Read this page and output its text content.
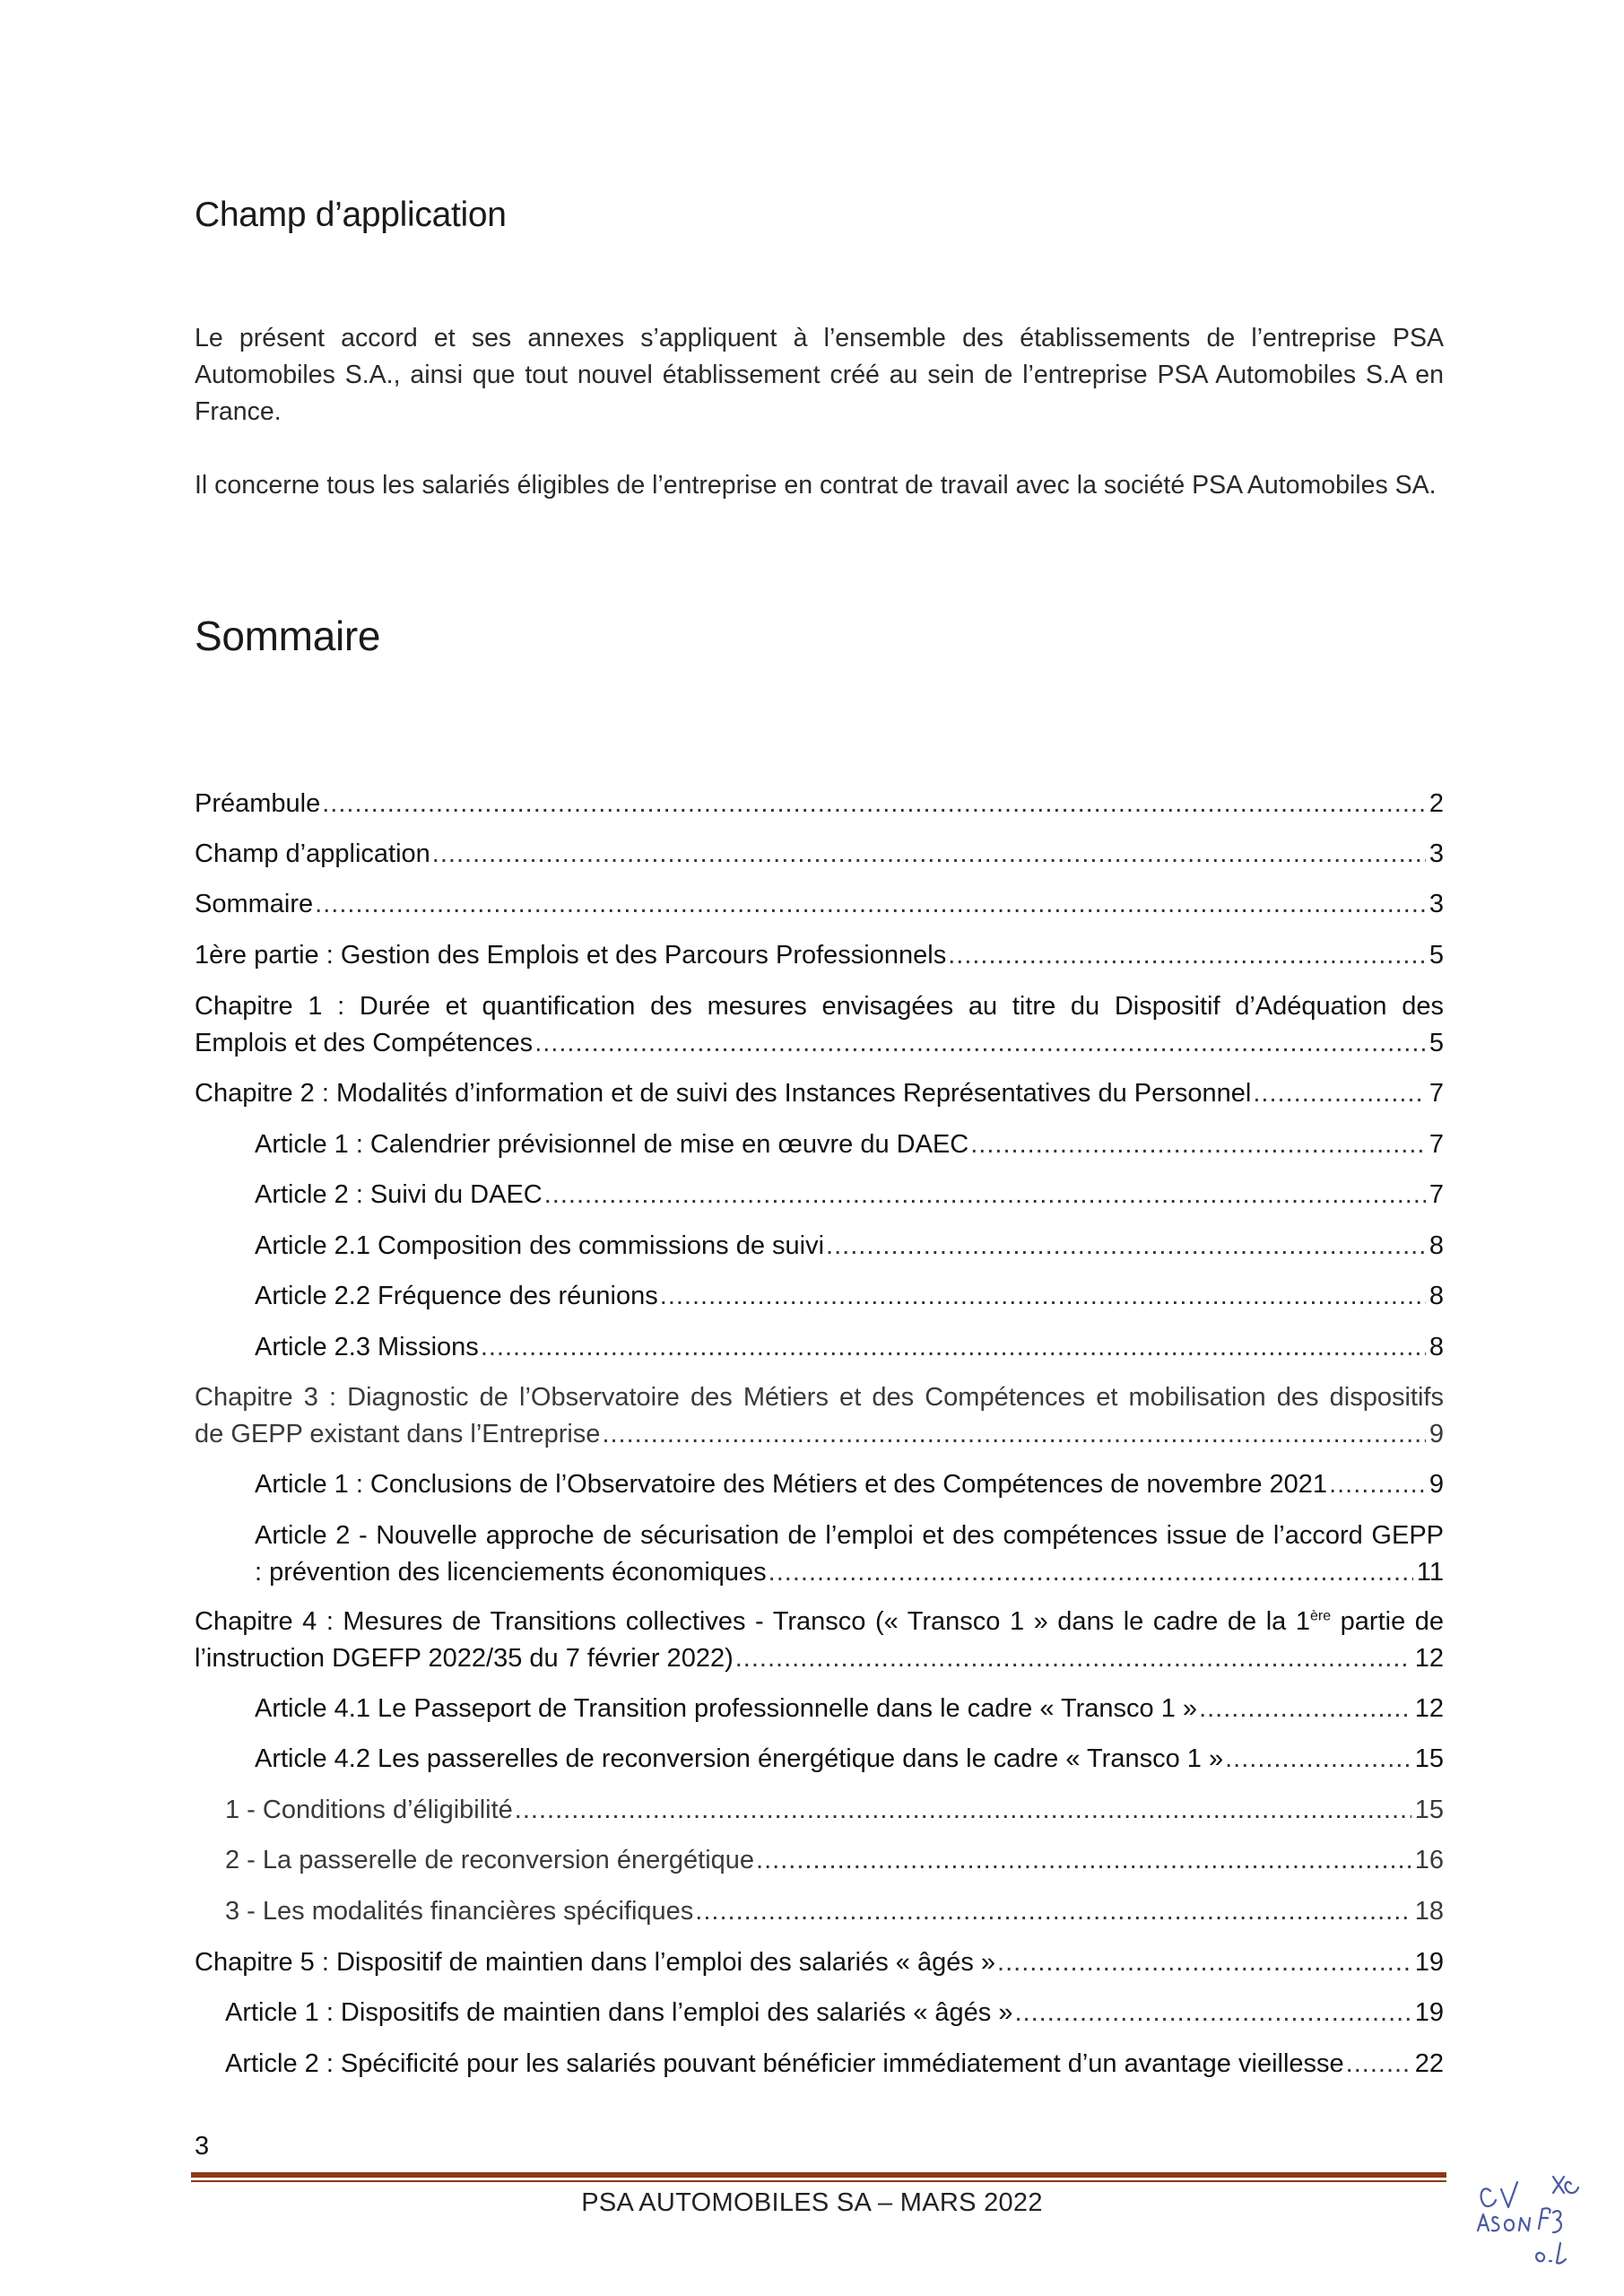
Champ d’application

Le présent accord et ses annexes s’appliquent à l’ensemble des établissements de l’entreprise PSA Automobiles S.A., ainsi que tout nouvel établissement créé au sein de l’entreprise PSA Automobiles S.A en France.

Il concerne tous les salariés éligibles de l’entreprise en contrat de travail avec la société PSA Automobiles SA.

Sommaire
Préambule .....	2
Champ d’application .....	3
Sommaire .....	3
1ère partie : Gestion des Emplois et des Parcours Professionnels .....	5
Chapitre 1 : Durée et quantification des mesures envisagées au titre du Dispositif d’Adéquation des
Emplois et des Compétences .....	5
Chapitre 2 : Modalités d’information et de suivi des Instances Représentatives du Personnel .....	7
Article 1 : Calendrier prévisionnel de mise en œuvre du DAEC .....	7
Article 2 : Suivi du DAEC .....	7
Article 2.1 Composition des commissions de suivi .....	8
Article 2.2 Fréquence des réunions .....	8
Article 2.3 Missions .....	8
Chapitre 3 : Diagnostic de l’Observatoire des Métiers et des Compétences et mobilisation des dispositifs
de GEPP existant dans l’Entreprise .....	9
Article 1 : Conclusions de l’Observatoire des Métiers et des Compétences de novembre 2021 .....	9
Article 2 - Nouvelle approche de sécurisation de l’emploi et des compétences issue de l’accord GEPP
: prévention des licenciements économiques .....	11
Chapitre 4 : Mesures de Transitions collectives - Transco (« Transco 1 » dans le cadre de la 1ère partie de
l’instruction DGEFP 2022/35 du 7 février 2022) .....	12
Article 4.1 Le Passeport de Transition professionnelle dans le cadre « Transco 1 » .....	12
Article 4.2 Les passerelles de reconversion énergétique dans le cadre « Transco 1 » .....	15
1 - Conditions d’éligibilité .....	15
2 - La passerelle de reconversion énergétique .....	16
3 - Les modalités financières spécifiques .....	18
Chapitre 5 : Dispositif de maintien dans l’emploi des salariés « âgés » .....	19
Article 1 : Dispositifs de maintien dans l’emploi des salariés « âgés » .....	19
Article 2 : Spécificité pour les salariés pouvant bénéficier immédiatement d’un avantage vieillesse .....	22
3
PSA AUTOMOBILES SA – MARS 2022
